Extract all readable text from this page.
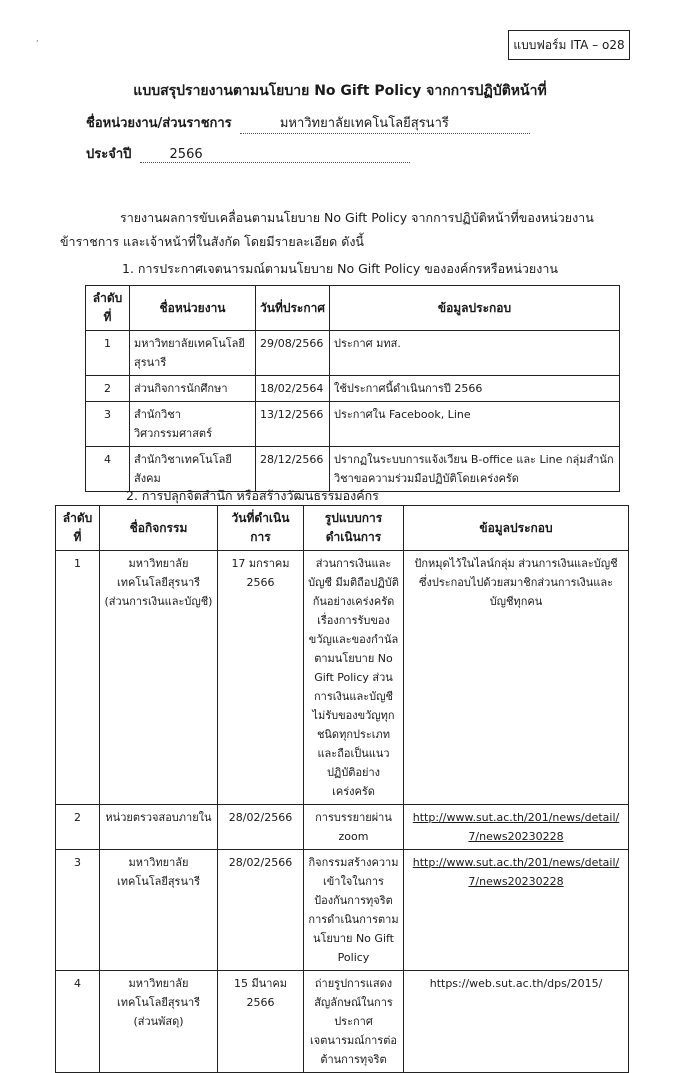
,	แบบฟอร์ม ITA – o28
แบบสรุปรายงานตามนโยบาย No Gift Policy จากการปฏิบัติหน้าที่
ชื่อหน่วยงาน/ส่วนราชการ	มหาวิทยาลัยเทคโนโลยีสุรนารี
ประจำปี	2566
รายงานผลการขับเคลื่อนตามนโยบาย No Gift Policy จากการปฏิบัติหน้าที่ของหน่วยงาน
ข้าราชการ และเจ้าหน้าที่ในสังกัด โดยมีรายละเอียด ดังนี้
1. การประกาศเจตนารมณ์ตามนโยบาย No Gift Policy ขององค์กรหรือหน่วยงาน
ลำดับที่	ชื่อหน่วยงาน	วันที่ประกาศ	ข้อมูลประกอบ
1	มหาวิทยาลัยเทคโนโลยีสุรนารี	29/08/2566	ประกาศ มทส.
2	ส่วนกิจการนักศึกษา	18/02/2564	ใช้ประกาศนี้ดำเนินการปี 2566
3	สำนักวิชาวิศวกรรมศาสตร์	13/12/2566	ประกาศใน Facebook, Line
4	สำนักวิชาเทคโนโลยีสังคม	28/12/2566	ปรากฏในระบบการแจ้งเวียน B-office และ Line กลุ่มสำนักวิชาขอความร่วมมือปฏิบัติโดยเคร่งครัด
2. การปลุกจิตสำนึก หรือสร้างวัฒนธรรมองค์กร
ลำดับที่	ชื่อกิจกรรม	วันที่ดำเนินการ	รูปแบบการดำเนินการ	ข้อมูลประกอบ
1	มหาวิทยาลัยเทคโนโลยีสุรนารี (ส่วนการเงินและบัญชี)	17 มกราคม 2566	ส่วนการเงินและบัญชี มีมติถือปฏิบัติกันอย่างเคร่งครัด เรื่องการรับของขวัญและของกำนัล ตามนโยบาย No Gift Policy ส่วนการเงินและบัญชี ไม่รับของขวัญทุกชนิดทุกประเภท และถือเป็นแนวปฏิบัติอย่างเคร่งครัด	ปักหมุดไว้ในไลน์กลุ่ม ส่วนการเงินและบัญชี ซึ่งประกอบไปด้วยสมาชิกส่วนการเงินและบัญชีทุกคน
2	หน่วยตรวจสอบภายใน	28/02/2566	การบรรยายผ่าน zoom	http://www.sut.ac.th/201/news/detail/7/news20230228
3	มหาวิทยาลัยเทคโนโลยีสุรนารี	28/02/2566	กิจกรรมสร้างความเข้าใจในการป้องกันการทุจริต การดำเนินการตามนโยบาย No Gift Policy	http://www.sut.ac.th/201/news/detail/7/news20230228
4	มหาวิทยาลัยเทคโนโลยีสุรนารี (ส่วนพัสดุ)	15 มีนาคม 2566	ถ่ายรูปการแสดงสัญลักษณ์ในการประกาศเจตนารมณ์การต่อต้านการทุจริต	https://web.sut.ac.th/dps/2015/
